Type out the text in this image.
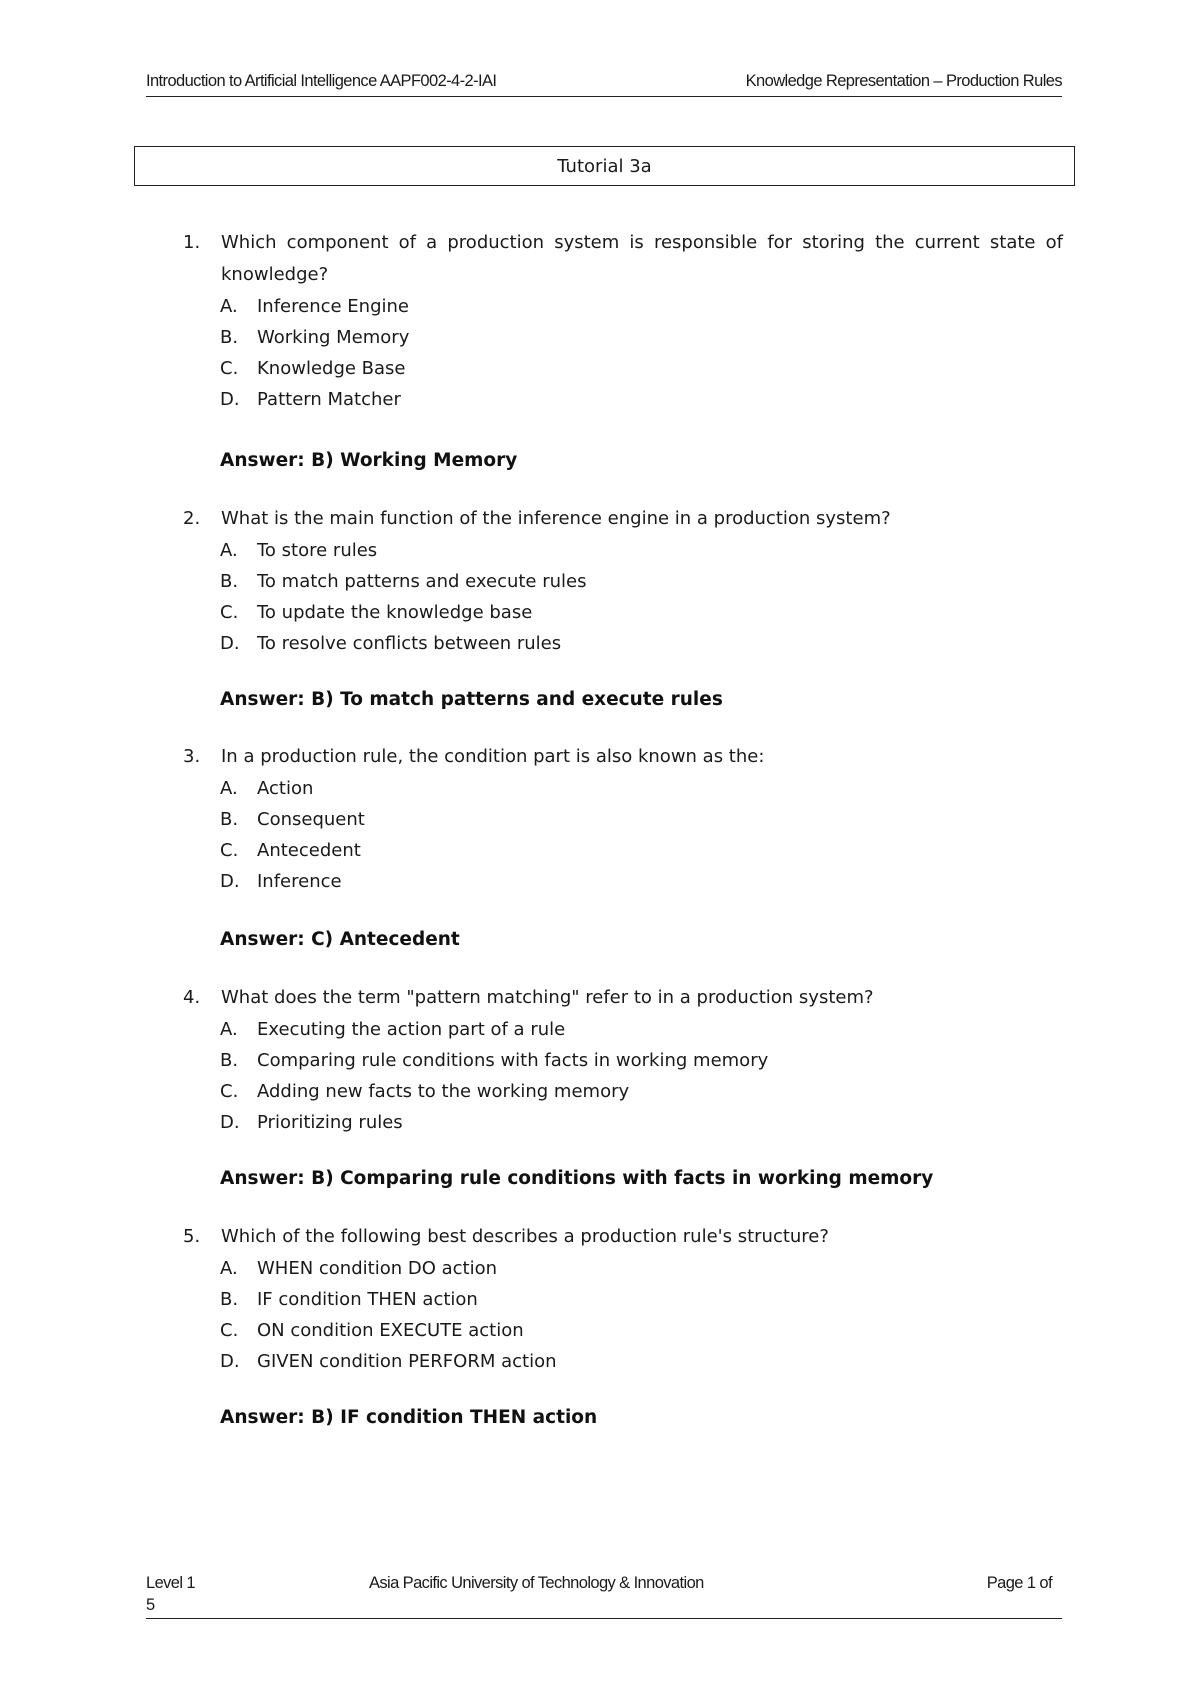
Introduction to Artificial Intelligence AAPF002-4-2-IAI	Knowledge Representation – Production Rules
Tutorial 3a
1. Which component of a production system is responsible for storing the current state of knowledge?
A. Inference Engine
B. Working Memory
C. Knowledge Base
D. Pattern Matcher
Answer: B) Working Memory
2. What is the main function of the inference engine in a production system?
A. To store rules
B. To match patterns and execute rules
C. To update the knowledge base
D. To resolve conflicts between rules
Answer: B) To match patterns and execute rules
3. In a production rule, the condition part is also known as the:
A. Action
B. Consequent
C. Antecedent
D. Inference
Answer: C) Antecedent
4. What does the term "pattern matching" refer to in a production system?
A. Executing the action part of a rule
B. Comparing rule conditions with facts in working memory
C. Adding new facts to the working memory
D. Prioritizing rules
Answer: B) Comparing rule conditions with facts in working memory
5. Which of the following best describes a production rule's structure?
A. WHEN condition DO action
B. IF condition THEN action
C. ON condition EXECUTE action
D. GIVEN condition PERFORM action
Answer: B) IF condition THEN action
Level 1
5
Asia Pacific University of Technology & Innovation	Page 1 of
